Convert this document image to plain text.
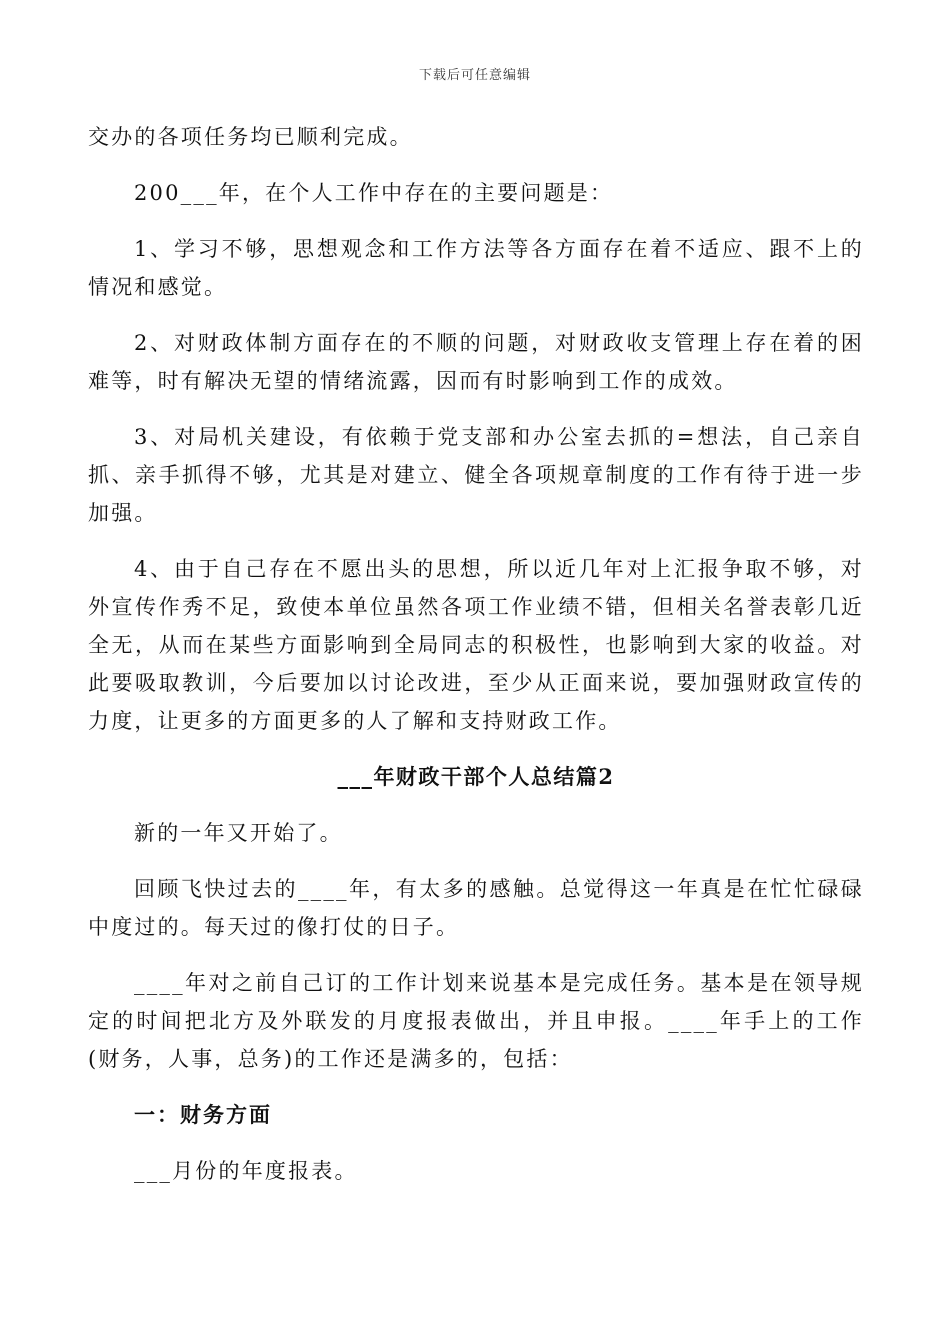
下载后可任意编辑

交办的各项任务均已顺利完成。

200___年，在个人工作中存在的主要问题是：

1、学习不够，思想观念和工作方法等各方面存在着不适应、跟不上的情况和感觉。

2、对财政体制方面存在的不顺的问题，对财政收支管理上存在着的困难等，时有解决无望的情绪流露，因而有时影响到工作的成效。

3、对局机关建设，有依赖于党支部和办公室去抓的=想法，自己亲自抓、亲手抓得不够，尤其是对建立、健全各项规章制度的工作有待于进一步加强。

4、由于自己存在不愿出头的思想，所以近几年对上汇报争取不够，对外宣传作秀不足，致使本单位虽然各项工作业绩不错，但相关名誉表彰几近全无，从而在某些方面影响到全局同志的积极性，也影响到大家的收益。对此要吸取教训，今后要加以讨论改进，至少从正面来说，要加强财政宣传的力度，让更多的方面更多的人了解和支持财政工作。

___年财政干部个人总结篇2

新的一年又开始了。

回顾飞快过去的____年，有太多的感触。总觉得这一年真是在忙忙碌碌中度过的。每天过的像打仗的日子。

____年对之前自己订的工作计划来说基本是完成任务。基本是在领导规定的时间把北方及外联发的月度报表做出，并且申报。____年手上的工作(财务，人事，总务)的工作还是满多的，包括：

一：财务方面

___月份的年度报表。
